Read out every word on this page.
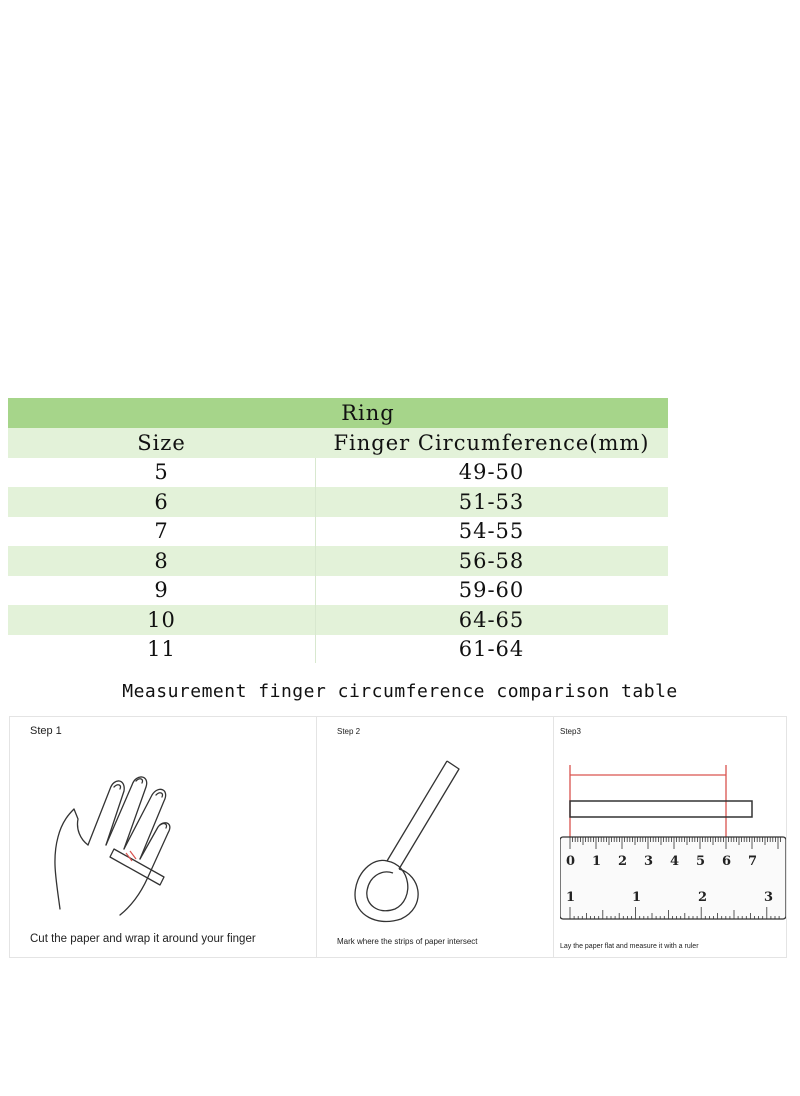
Ring
Size	Finger Circumference(mm)
5	49-50
6	51-53
7	54-55
8	56-58
9	59-60
10	64-65
11	61-64
Measurement finger circumference comparison table
Step 1
Cut the paper and wrap it around your finger
Step 2
Mark where the strips of paper intersect
Step3
0 1 2 3 4 5 6 7
1	1	2	3
Lay the paper flat and measure it with a ruler
